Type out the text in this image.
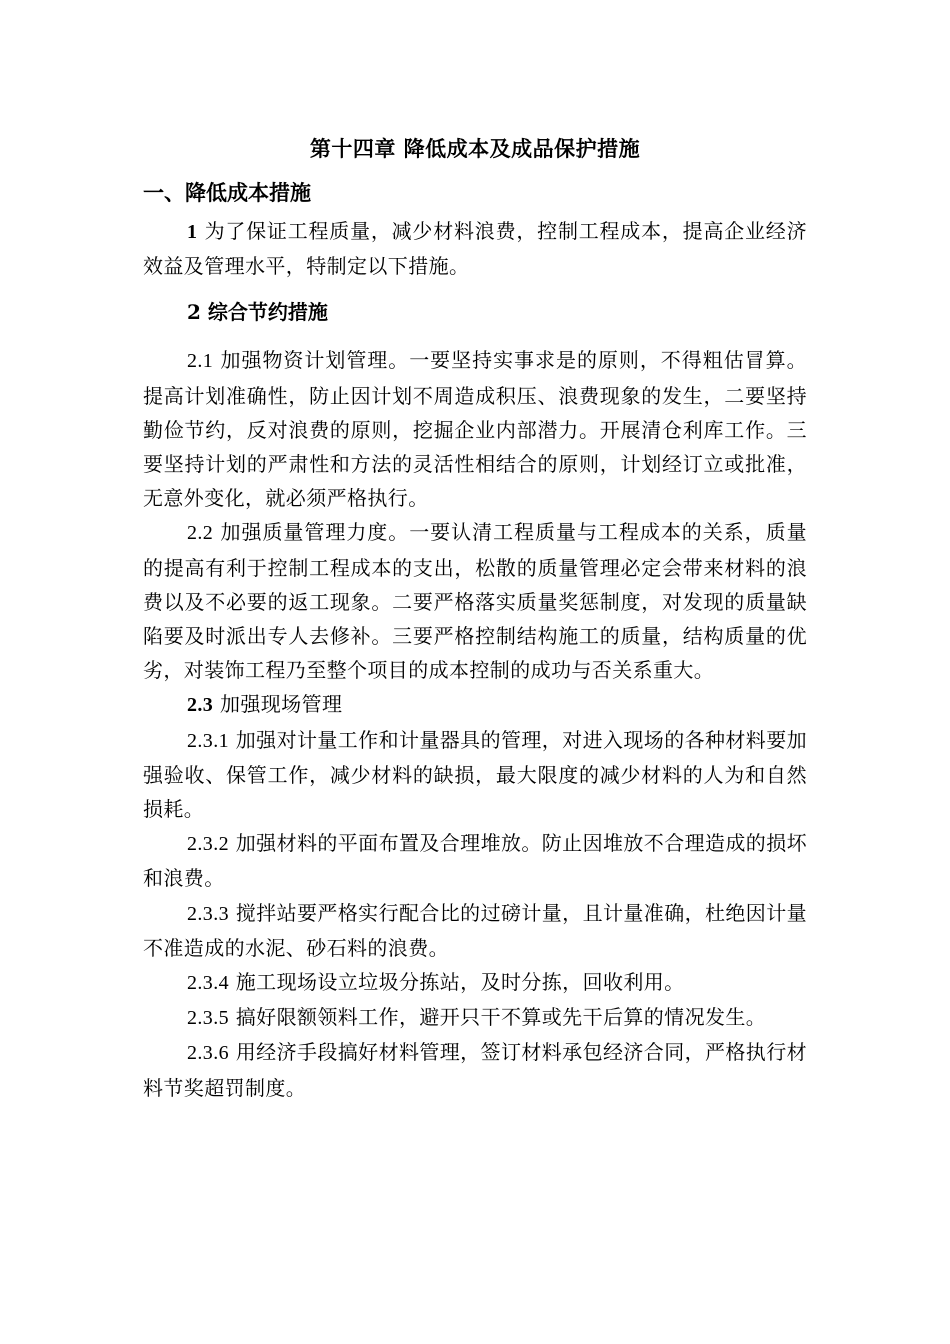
第十四章 降低成本及成品保护措施
一、降低成本措施

1 为了保证工程质量，减少材料浪费，控制工程成本，提高企业经济效益及管理水平，特制定以下措施。

2 综合节约措施

2.1 加强物资计划管理。一要坚持实事求是的原则，不得粗估冒算。提高计划准确性，防止因计划不周造成积压、浪费现象的发生，二要坚持勤俭节约，反对浪费的原则，挖掘企业内部潜力。开展清仓利库工作。三要坚持计划的严肃性和方法的灵活性相结合的原则，计划经订立或批准，无意外变化，就必须严格执行。

2.2 加强质量管理力度。一要认清工程质量与工程成本的关系，质量的提高有利于控制工程成本的支出，松散的质量管理必定会带来材料的浪费以及不必要的返工现象。二要严格落实质量奖惩制度，对发现的质量缺陷要及时派出专人去修补。三要严格控制结构施工的质量，结构质量的优劣，对装饰工程乃至整个项目的成本控制的成功与否关系重大。

2.3 加强现场管理

2.3.1 加强对计量工作和计量器具的管理，对进入现场的各种材料要加强验收、保管工作，减少材料的缺损，最大限度的减少材料的人为和自然损耗。

2.3.2 加强材料的平面布置及合理堆放。防止因堆放不合理造成的损坏和浪费。

2.3.3 搅拌站要严格实行配合比的过磅计量，且计量准确，杜绝因计量不准造成的水泥、砂石料的浪费。

2.3.4 施工现场设立垃圾分拣站，及时分拣，回收利用。

2.3.5 搞好限额领料工作，避开只干不算或先干后算的情况发生。

2.3.6 用经济手段搞好材料管理，签订材料承包经济合同，严格执行材料节奖超罚制度。
